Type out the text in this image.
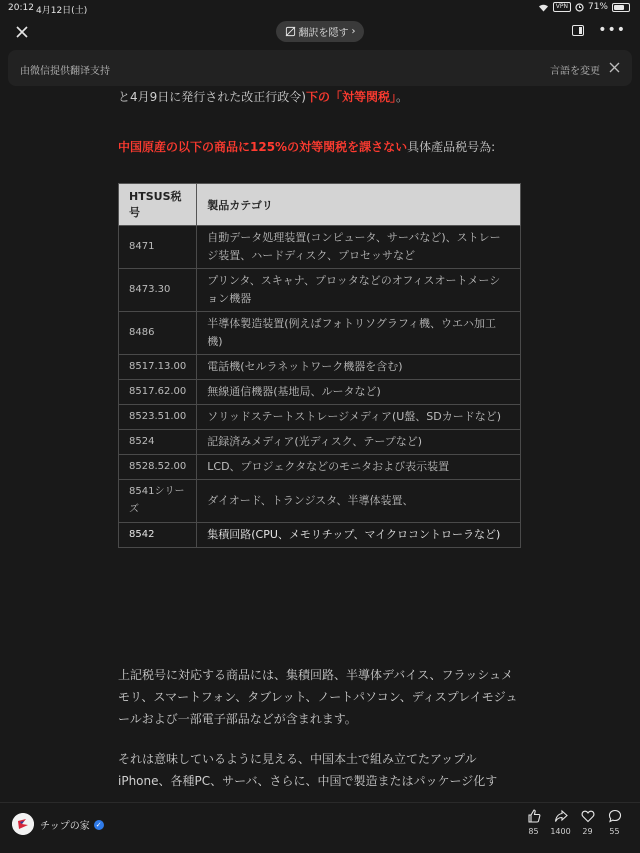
20:12 4月12日(土)	VPN	71%
翻訳を隠す ›	•••
由微信提供翻译支持	言語を変更
と4月9日に発行された改正行政令)下の「対等関税」。
中国原産の以下の商品に125%の対等関税を課さない具体產品税号為:
HTSUS税号	製品カテゴリ
8471	自動データ処理装置(コンピュータ、サーバなど)、ストレージ装置、ハードディスク、プロセッサなど
8473.30	プリンタ、スキャナ、プロッタなどのオフィスオートメーション機器
8486	半導体製造装置(例えばフォトリソグラフィ機、ウエハ加工機)
8517.13.00	電話機(セルラネットワーク機器を含む)
8517.62.00	無線通信機器(基地局、ルータなど)
8523.51.00	ソリッドステートストレージメディア(U盤、SDカードなど)
8524	記録済みメディア(光ディスク、テープなど)
8528.52.00	LCD、プロジェクタなどのモニタおよび表示装置
8541シリーズ	ダイオード、トランジスタ、半導体装置、
8542	集積回路(CPU、メモリチップ、マイクロコントローラなど)

上記税号に対応する商品には、集積回路、半導体デバイス、フラッシュメモリ、スマートフォン、タブレット、ノートパソコン、ディスプレイモジュールおよび一部電子部品などが含まれます。

それは意味しているように見える、中国本土で組み立てたアップルiPhone、各種PC、サーバ、さらに、中国で製造またはパッケージ化す

チップの家 ✓
85	1400	29	55
